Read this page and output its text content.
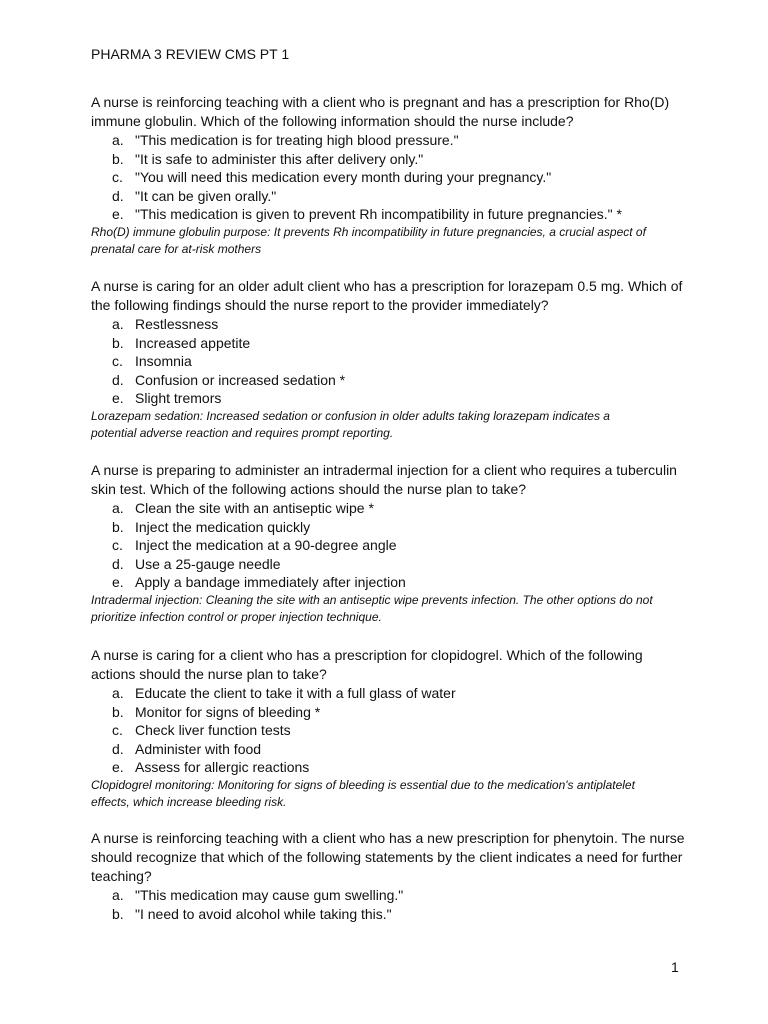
PHARMA 3 REVIEW CMS PT 1
A nurse is reinforcing teaching with a client who is pregnant and has a prescription for Rho(D)
immune globulin. Which of the following information should the nurse include?
a. "This medication is for treating high blood pressure."
b. "It is safe to administer this after delivery only."
c. "You will need this medication every month during your pregnancy."
d. "It can be given orally."
e. "This medication is given to prevent Rh incompatibility in future pregnancies." *
Rho(D) immune globulin purpose: It prevents Rh incompatibility in future pregnancies, a crucial aspect of
prenatal care for at-risk mothers
A nurse is caring for an older adult client who has a prescription for lorazepam 0.5 mg. Which of
the following findings should the nurse report to the provider immediately?
a. Restlessness
b. Increased appetite
c. Insomnia
d. Confusion or increased sedation *
e. Slight tremors
Lorazepam sedation: Increased sedation or confusion in older adults taking lorazepam indicates a
potential adverse reaction and requires prompt reporting.
A nurse is preparing to administer an intradermal injection for a client who requires a tuberculin
skin test. Which of the following actions should the nurse plan to take?
a. Clean the site with an antiseptic wipe *
b. Inject the medication quickly
c. Inject the medication at a 90-degree angle
d. Use a 25-gauge needle
e. Apply a bandage immediately after injection
Intradermal injection: Cleaning the site with an antiseptic wipe prevents infection. The other options do not
prioritize infection control or proper injection technique.
A nurse is caring for a client who has a prescription for clopidogrel. Which of the following
actions should the nurse plan to take?
a. Educate the client to take it with a full glass of water
b. Monitor for signs of bleeding *
c. Check liver function tests
d. Administer with food
e. Assess for allergic reactions
Clopidogrel monitoring: Monitoring for signs of bleeding is essential due to the medication's antiplatelet
effects, which increase bleeding risk.
A nurse is reinforcing teaching with a client who has a new prescription for phenytoin. The nurse
should recognize that which of the following statements by the client indicates a need for further
teaching?
a. "This medication may cause gum swelling."
b. "I need to avoid alcohol while taking this."
1
